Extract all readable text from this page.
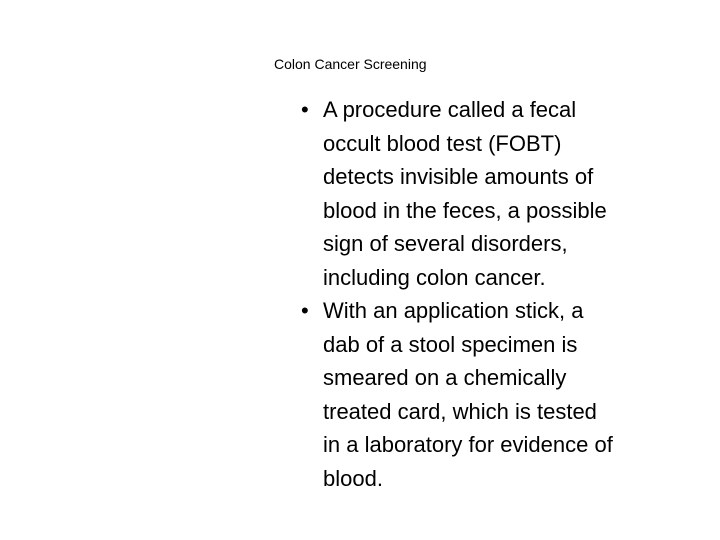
Colon Cancer Screening
• A procedure called a fecal
occult blood test (FOBT)
detects invisible amounts of
blood in the feces, a possible
sign of several disorders,
including colon cancer.
• With an application stick, a
dab of a stool specimen is
smeared on a chemically
treated card, which is tested
in a laboratory for evidence of
blood.
